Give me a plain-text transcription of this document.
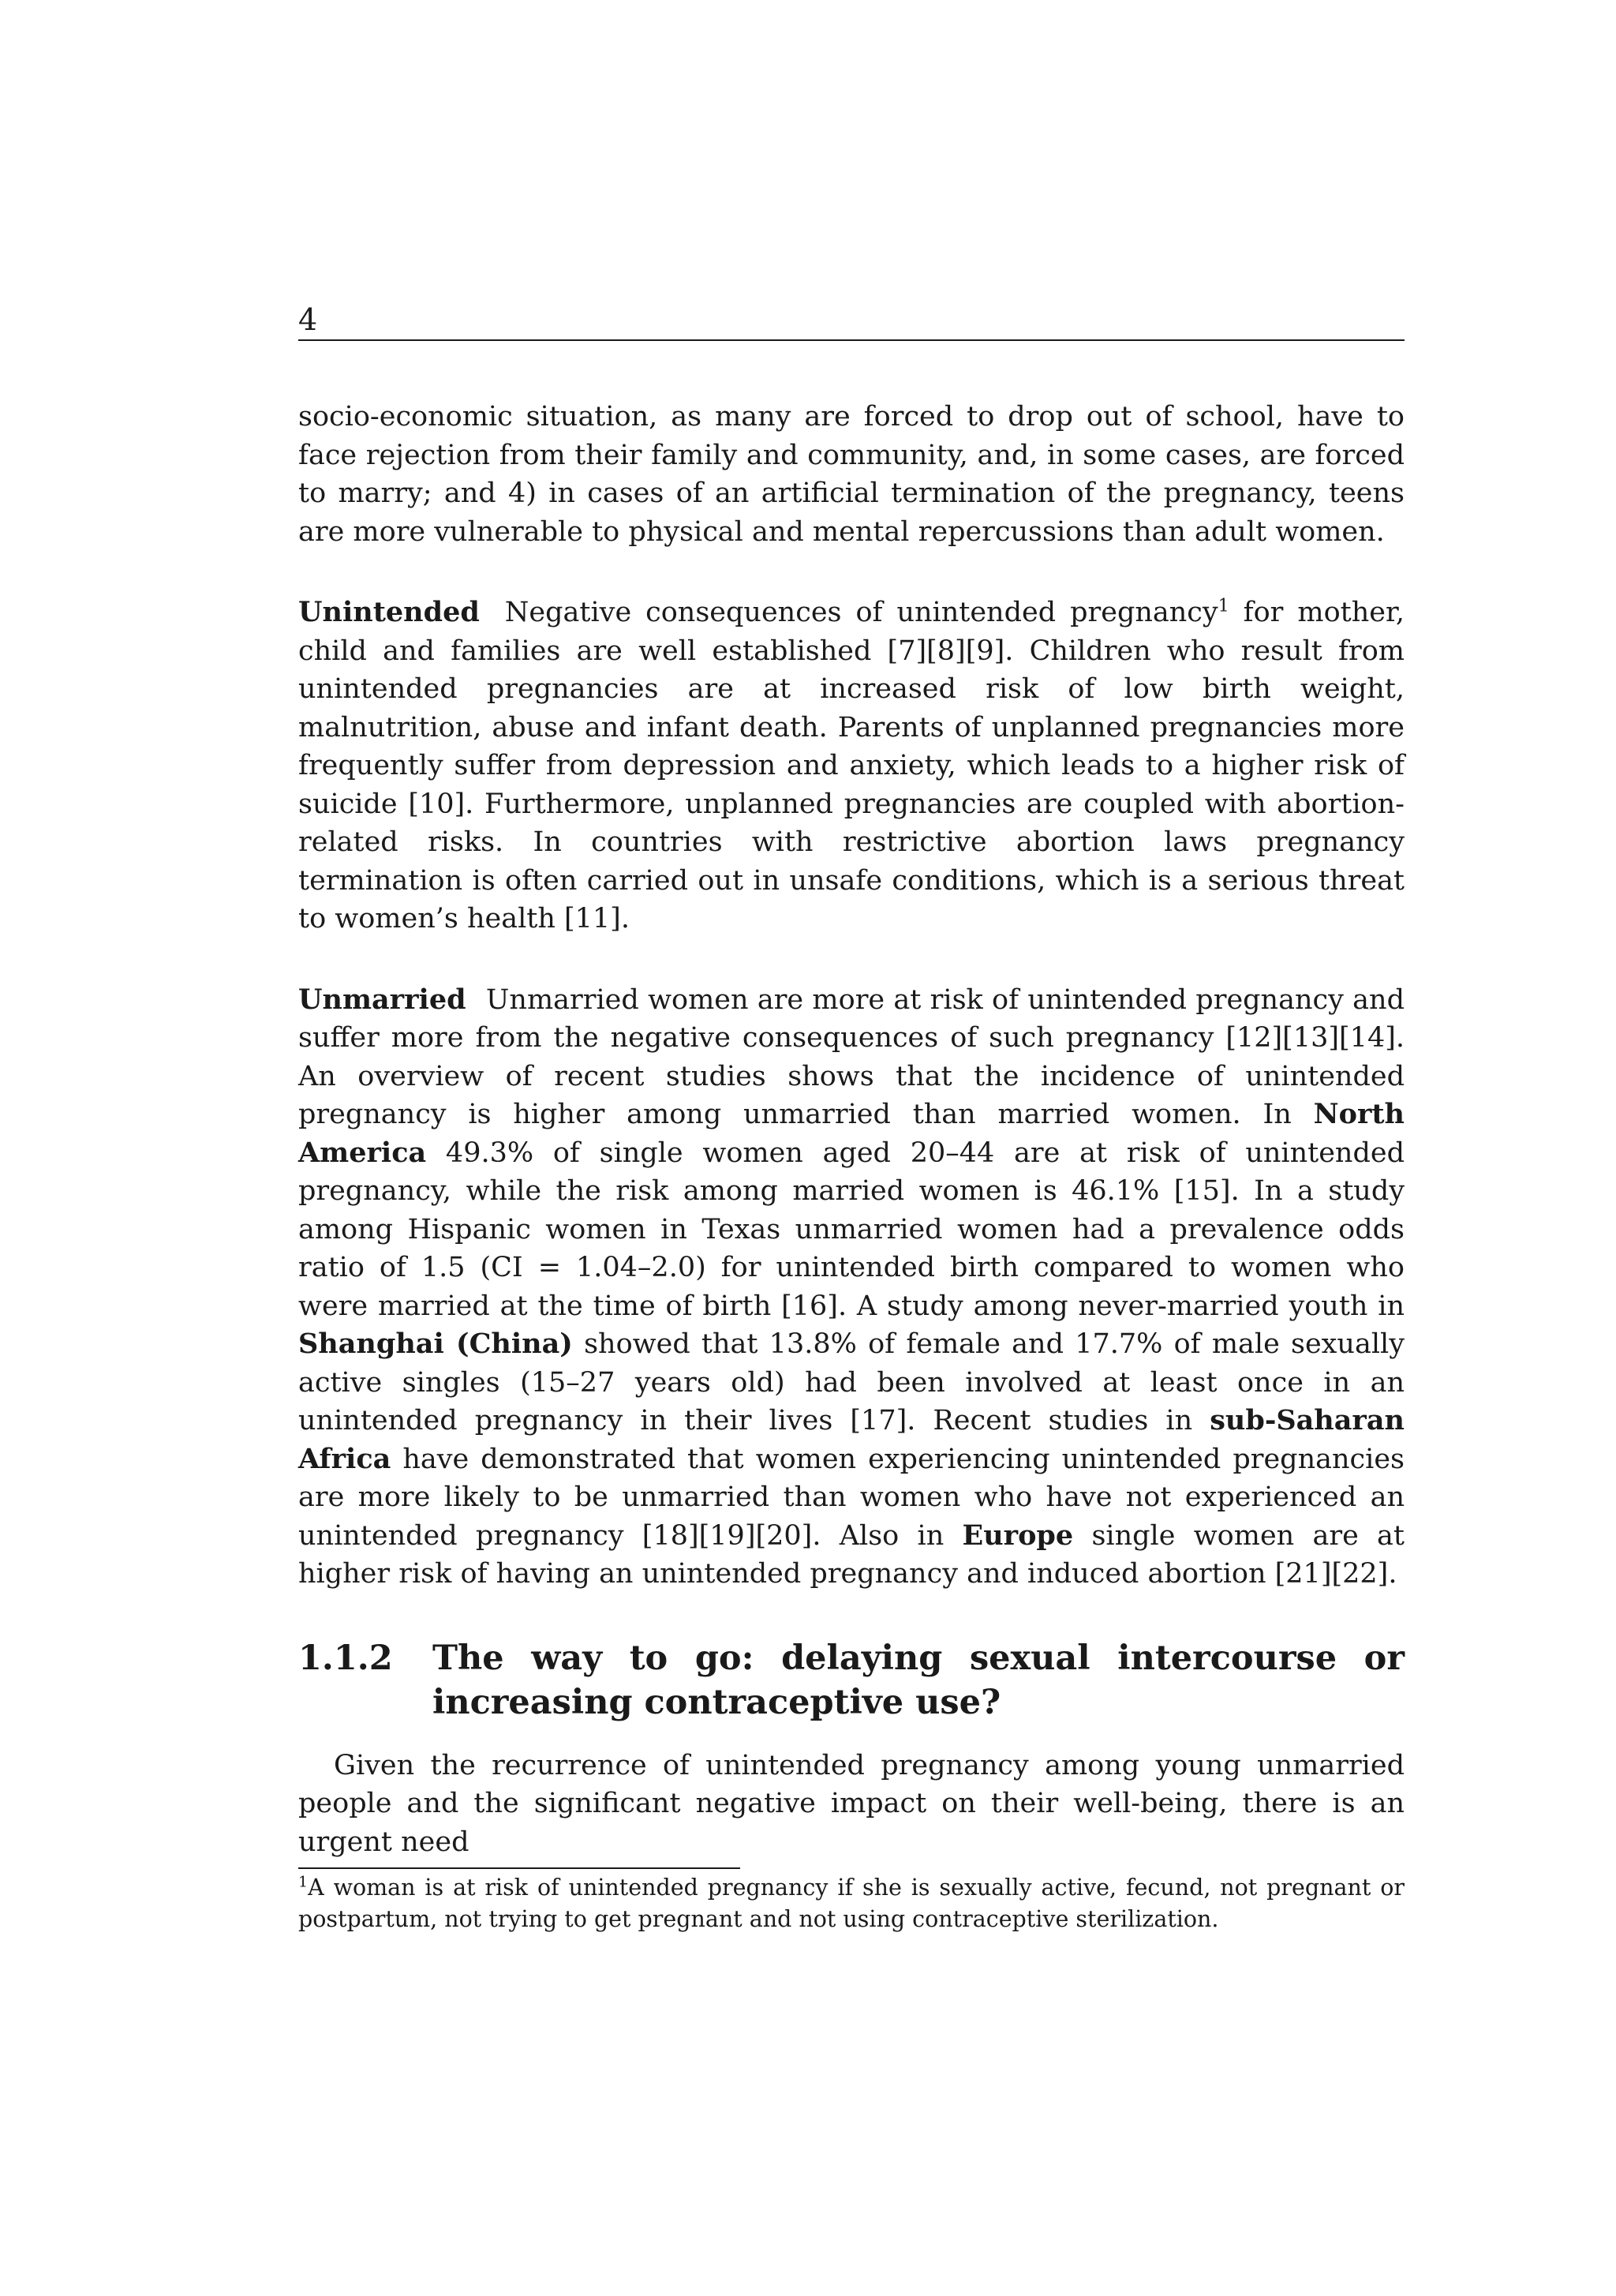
4

socio-economic situation, as many are forced to drop out of school, have to face rejection from their family and community, and, in some cases, are forced to marry; and 4) in cases of an artificial termination of the pregnancy, teens are more vulnerable to physical and mental repercussions than adult women.

Unintended Negative consequences of unintended pregnancy$^1$ for mother, child and families are well established [7][8][9]. Children who result from unintended pregnancies are at increased risk of low birth weight, malnutrition, abuse and infant death. Parents of unplanned pregnancies more frequently suffer from depression and anxiety, which leads to a higher risk of suicide [10]. Furthermore, unplanned pregnancies are coupled with abortion-related risks. In countries with restrictive abortion laws pregnancy termination is often carried out in unsafe conditions, which is a serious threat to women’s health [11].

Unmarried Unmarried women are more at risk of unintended pregnancy and suffer more from the negative consequences of such pregnancy [12][13][14]. An overview of recent studies shows that the incidence of unintended pregnancy is higher among unmarried than married women. In North America 49.3% of single women aged 20–44 are at risk of unintended pregnancy, while the risk among married women is 46.1% [15]. In a study among Hispanic women in Texas unmarried women had a prevalence odds ratio of 1.5 (CI = 1.04–2.0) for unintended birth compared to women who were married at the time of birth [16]. A study among never-married youth in Shanghai (China) showed that 13.8% of female and 17.7% of male sexually active singles (15–27 years old) had been involved at least once in an unintended pregnancy in their lives [17]. Recent studies in sub-Saharan Africa have demonstrated that women experiencing unintended pregnancies are more likely to be unmarried than women who have not experienced an unintended pregnancy [18][19][20]. Also in Europe single women are at higher risk of having an unintended pregnancy and induced abortion [21][22].

1.1.2	The way to go: delaying sexual intercourse or increasing contraceptive use?

Given the recurrence of unintended pregnancy among young unmarried people and the significant negative impact on their well-being, there is an urgent need

$^1$A woman is at risk of unintended pregnancy if she is sexually active, fecund, not pregnant or postpartum, not trying to get pregnant and not using contraceptive sterilization.
